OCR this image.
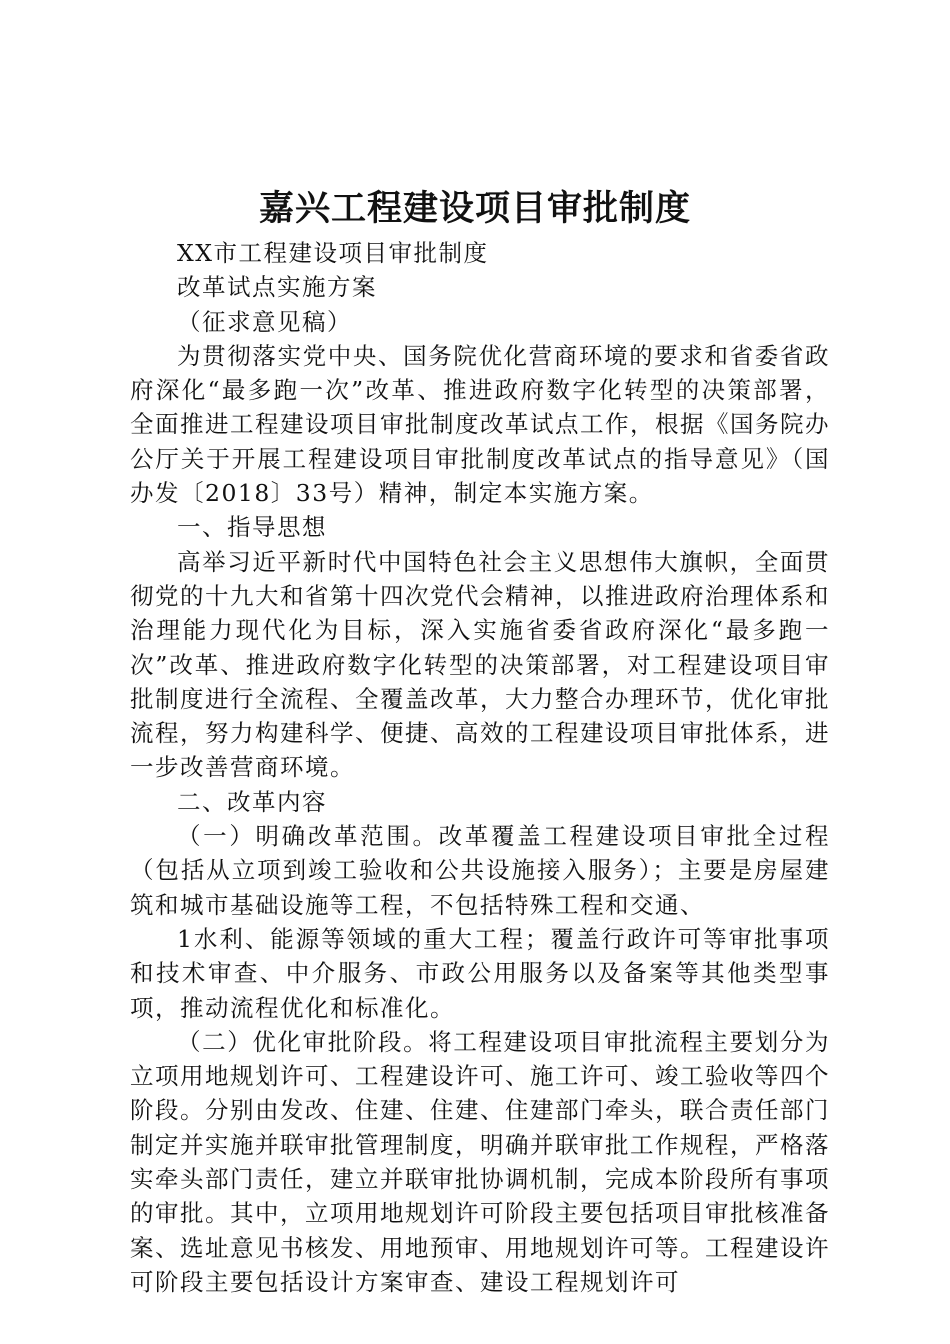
嘉兴工程建设项目审批制度

XX市工程建设项目审批制度

改革试点实施方案

（征求意见稿）

为贯彻落实党中央、国务院优化营商环境的要求和省委省政府深化“最多跑一次”改革、推进政府数字化转型的决策部署，全面推进工程建设项目审批制度改革试点工作，根据《国务院办公厅关于开展工程建设项目审批制度改革试点的指导意见》（国办发〔2018〕33号）精神，制定本实施方案。

一、指导思想

高举习近平新时代中国特色社会主义思想伟大旗帜，全面贯彻党的十九大和省第十四次党代会精神，以推进政府治理体系和治理能力现代化为目标，深入实施省委省政府深化“最多跑一次”改革、推进政府数字化转型的决策部署，对工程建设项目审批制度进行全流程、全覆盖改革，大力整合办理环节，优化审批流程，努力构建科学、便捷、高效的工程建设项目审批体系，进一步改善营商环境。

二、改革内容

（一）明确改革范围。改革覆盖工程建设项目审批全过程（包括从立项到竣工验收和公共设施接入服务）；主要是房屋建筑和城市基础设施等工程，不包括特殊工程和交通、

1水利、能源等领域的重大工程；覆盖行政许可等审批事项和技术审查、中介服务、市政公用服务以及备案等其他类型事项，推动流程优化和标准化。

（二）优化审批阶段。将工程建设项目审批流程主要划分为立项用地规划许可、工程建设许可、施工许可、竣工验收等四个阶段。分别由发改、住建、住建、住建部门牵头，联合责任部门制定并实施并联审批管理制度，明确并联审批工作规程，严格落实牵头部门责任，建立并联审批协调机制，完成本阶段所有事项的审批。其中，立项用地规划许可阶段主要包括项目审批核准备案、选址意见书核发、用地预审、用地规划许可等。工程建设许可阶段主要包括设计方案审查、建设工程规划许可
